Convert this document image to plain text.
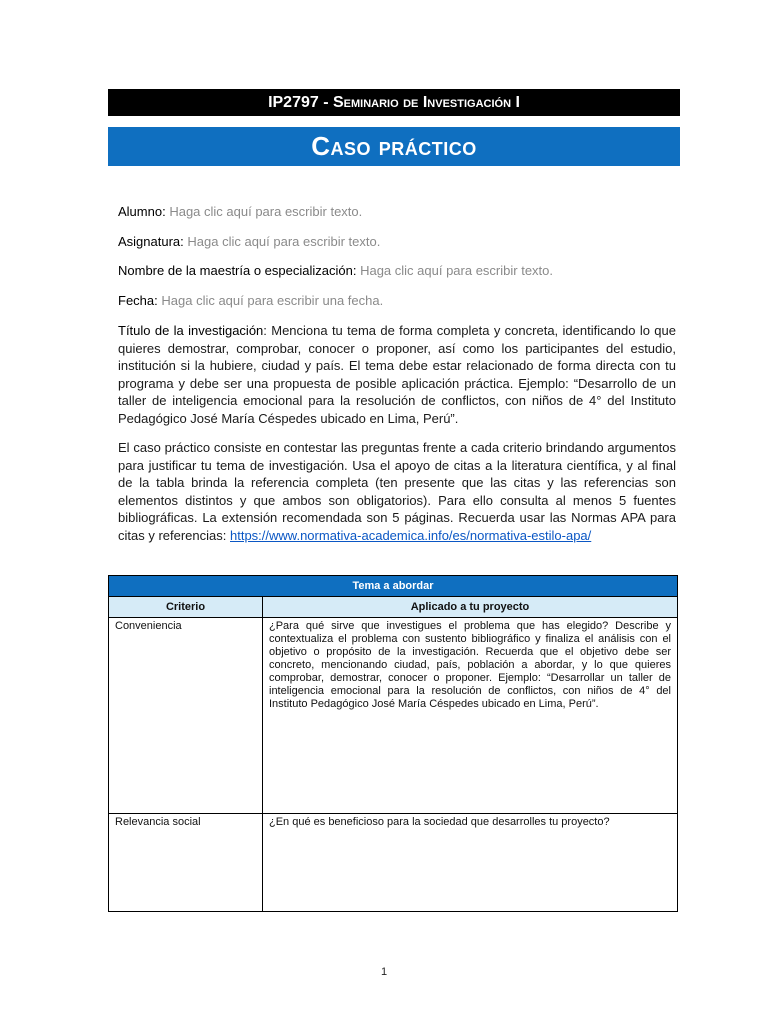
IP2797 - Seminario de Investigación I
Caso práctico
Alumno: Haga clic aquí para escribir texto.
Asignatura: Haga clic aquí para escribir texto.
Nombre de la maestría o especialización: Haga clic aquí para escribir texto.
Fecha: Haga clic aquí para escribir una fecha.
Título de la investigación: Menciona tu tema de forma completa y concreta, identificando lo que quieres demostrar, comprobar, conocer o proponer, así como los participantes del estudio, institución si la hubiere, ciudad y país. El tema debe estar relacionado de forma directa con tu programa y debe ser una propuesta de posible aplicación práctica. Ejemplo: “Desarrollo de un taller de inteligencia emocional para la resolución de conflictos, con niños de 4° del Instituto Pedagógico José María Céspedes ubicado en Lima, Perú”.
El caso práctico consiste en contestar las preguntas frente a cada criterio brindando argumentos para justificar tu tema de investigación. Usa el apoyo de citas a la literatura científica, y al final de la tabla brinda la referencia completa (ten presente que las citas y las referencias son elementos distintos y que ambos son obligatorios). Para ello consulta al menos 5 fuentes bibliográficas. La extensión recomendada son 5 páginas. Recuerda usar las Normas APA para citas y referencias: https://www.normativa-academica.info/es/normativa-estilo-apa/
Tema a abordar	
Criterio	Aplicado a tu proyecto
Conveniencia	¿Para qué sirve que investigues el problema que has elegido? Describe y contextualiza el problema con sustento bibliográfico y finaliza el análisis con el objetivo o propósito de la investigación. Recuerda que el objetivo debe ser concreto, mencionando ciudad, país, población a abordar, y lo que quieres comprobar, demostrar, conocer o proponer. Ejemplo: “Desarrollar un taller de inteligencia emocional para la resolución de conflictos, con niños de 4° del Instituto Pedagógico José María Céspedes ubicado en Lima, Perú”.
Relevancia social	¿En qué es beneficioso para la sociedad que desarrolles tu proyecto?
1
